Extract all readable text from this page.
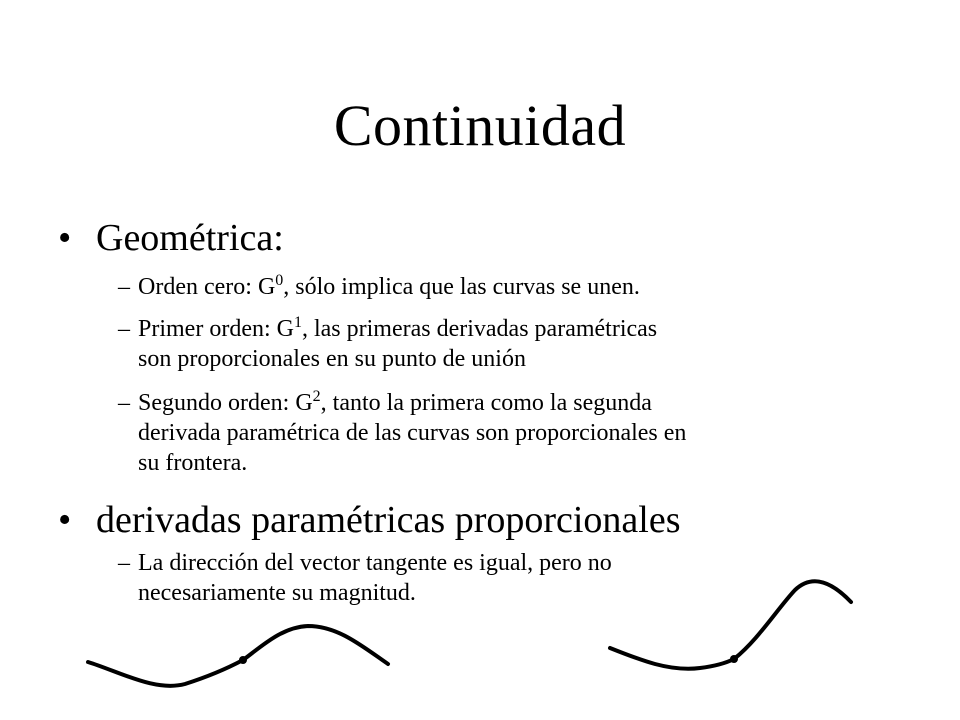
Continuidad
• Geométrica:
– Orden cero: $G^0$, sólo implica que las curvas se unen.
– Primer orden: $G^1$, las primeras derivadas paramétricas
son proporcionales en su punto de unión
– Segundo orden: $G^2$, tanto la primera como la segunda
derivada paramétrica de las curvas son proporcionales en
su frontera.
• derivadas paramétricas proporcionales
– La dirección del vector tangente es igual, pero no
necesariamente su magnitud.
